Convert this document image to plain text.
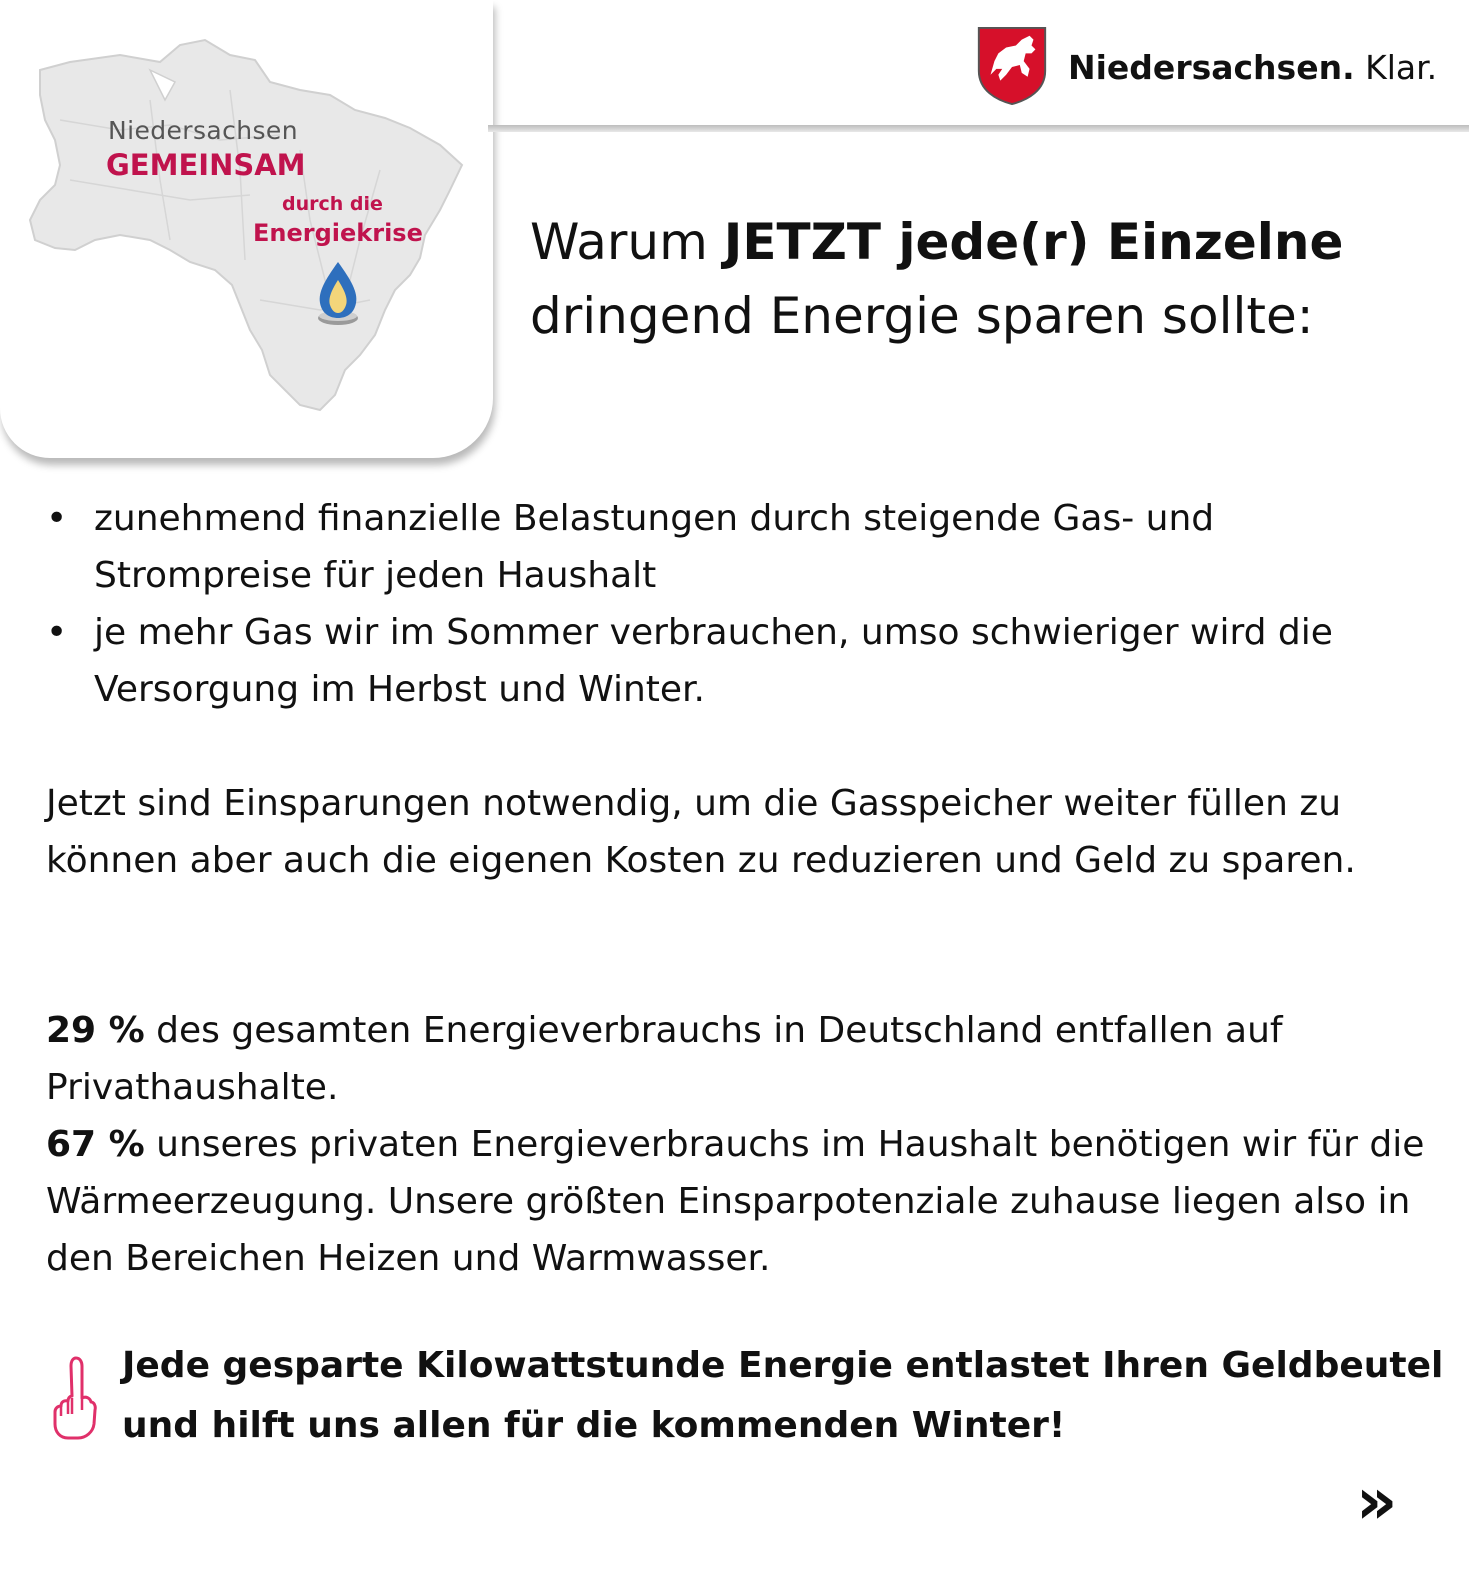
Niedersachsen
GEMEINSAM
durch die
Energiekrise
Niedersachsen. Klar.
Warum JETZT jede(r) Einzelne
dringend Energie sparen sollte:
• zunehmend finanzielle Belastungen durch steigende Gas- und Strompreise für jeden Haushalt
• je mehr Gas wir im Sommer verbrauchen, umso schwieriger wird die Versorgung im Herbst und Winter.
Jetzt sind Einsparungen notwendig, um die Gasspeicher weiter füllen zu können aber auch die eigenen Kosten zu reduzieren und Geld zu sparen.
29 % des gesamten Energieverbrauchs in Deutschland entfallen auf Privathaushalte.
67 % unseres privaten Energieverbrauchs im Haushalt benötigen wir für die Wärmeerzeugung. Unsere größten Einsparpotenziale zuhause liegen also in den Bereichen Heizen und Warmwasser.
Jede gesparte Kilowattstunde Energie entlastet Ihren Geldbeutel und hilft uns allen für die kommenden Winter!
»
